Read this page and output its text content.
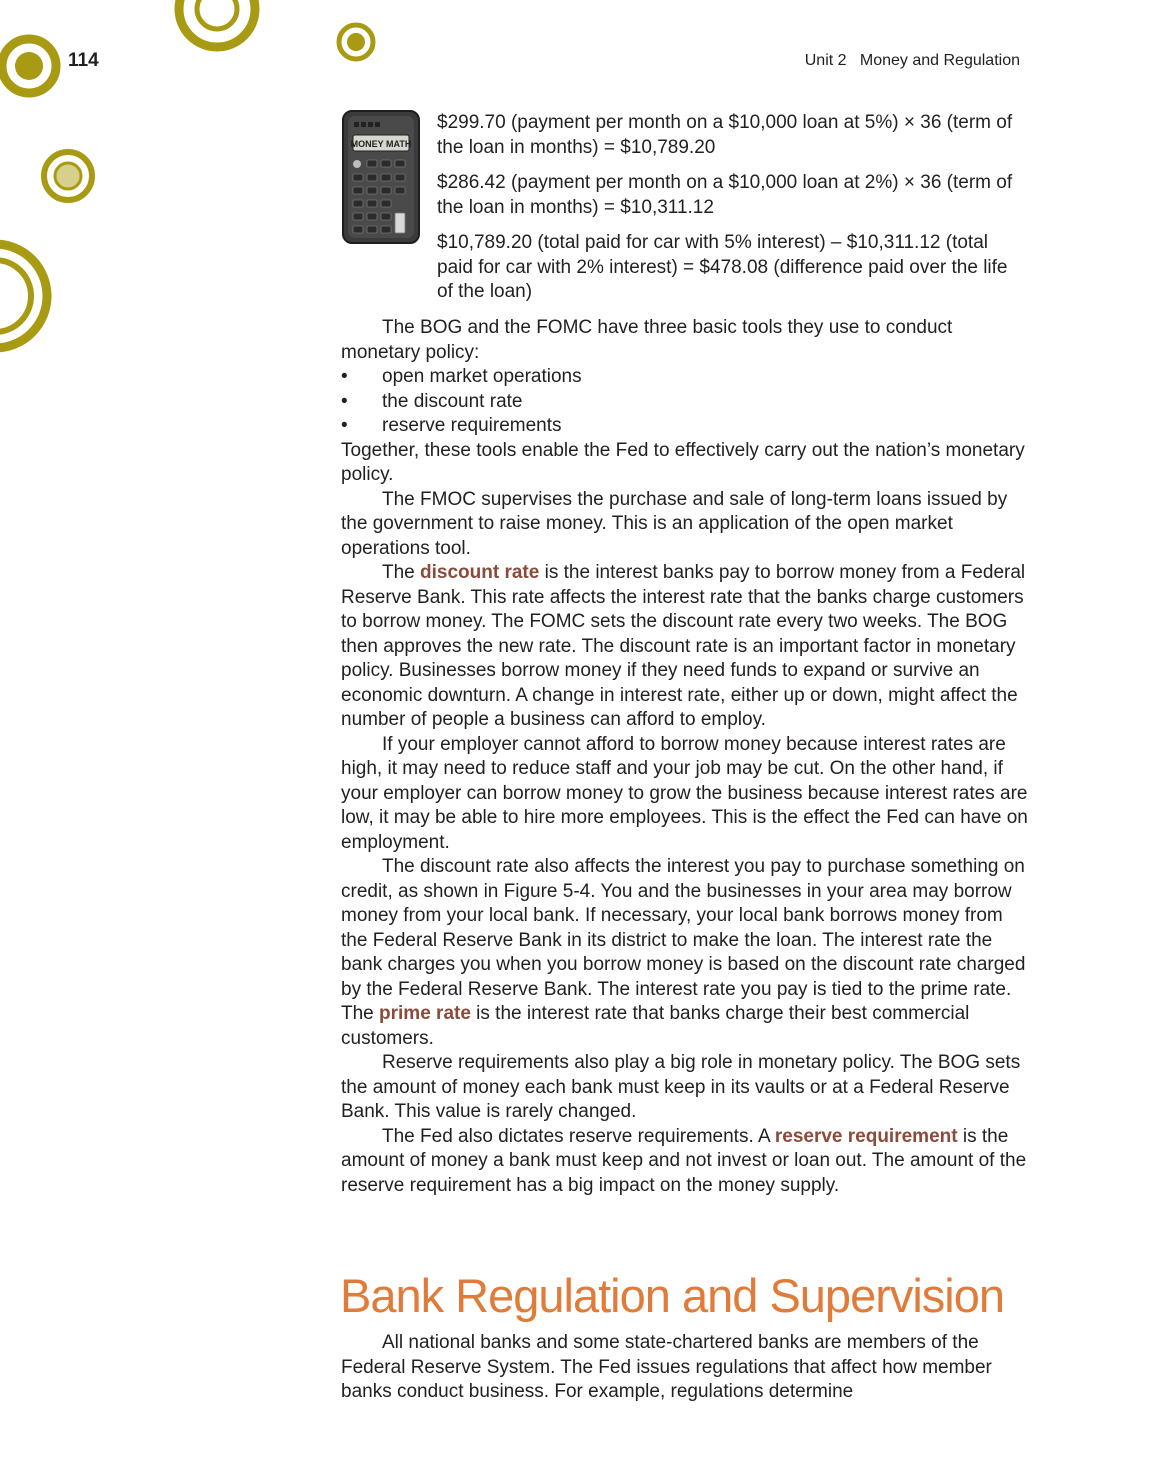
114	Unit 2   Money and Regulation
MONEY MATH

$299.70 (payment per month on a $10,000 loan at 5%) × 36 (term of the loan in months) = $10,789.20

$286.42 (payment per month on a $10,000 loan at 2%) × 36 (term of the loan in months) = $10,311.12

$10,789.20 (total paid for car with 5% interest) – $10,311.12 (total paid for car with 2% interest) = $478.08 (difference paid over the life of the loan)

The BOG and the FOMC have three basic tools they use to conduct monetary policy:

• open market operations
• the discount rate
• reserve requirements

Together, these tools enable the Fed to effectively carry out the nation’s monetary policy.

The FMOC supervises the purchase and sale of long-term loans issued by the government to raise money. This is an application of the open market operations tool.

The discount rate is the interest banks pay to borrow money from a Federal Reserve Bank. This rate affects the interest rate that the banks charge customers to borrow money. The FOMC sets the discount rate every two weeks. The BOG then approves the new rate. The discount rate is an important factor in monetary policy. Businesses borrow money if they need funds to expand or survive an economic downturn. A change in interest rate, either up or down, might affect the number of people a business can afford to employ.

If your employer cannot afford to borrow money because interest rates are high, it may need to reduce staff and your job may be cut. On the other hand, if your employer can borrow money to grow the business because interest rates are low, it may be able to hire more employees. This is the effect the Fed can have on employment.

The discount rate also affects the interest you pay to purchase something on credit, as shown in Figure 5-4. You and the businesses in your area may borrow money from your local bank. If necessary, your local bank borrows money from the Federal Reserve Bank in its district to make the loan. The interest rate the bank charges you when you borrow money is based on the discount rate charged by the Federal Reserve Bank. The interest rate you pay is tied to the prime rate. The prime rate is the interest rate that banks charge their best commercial customers.

Reserve requirements also play a big role in monetary policy. The BOG sets the amount of money each bank must keep in its vaults or at a Federal Reserve Bank. This value is rarely changed.

The Fed also dictates reserve requirements. A reserve requirement is the amount of money a bank must keep and not invest or loan out. The amount of the reserve requirement has a big impact on the money supply.

Bank Regulation and Supervision

All national banks and some state-chartered banks are members of the Federal Reserve System. The Fed issues regulations that affect how member banks conduct business. For example, regulations determine
